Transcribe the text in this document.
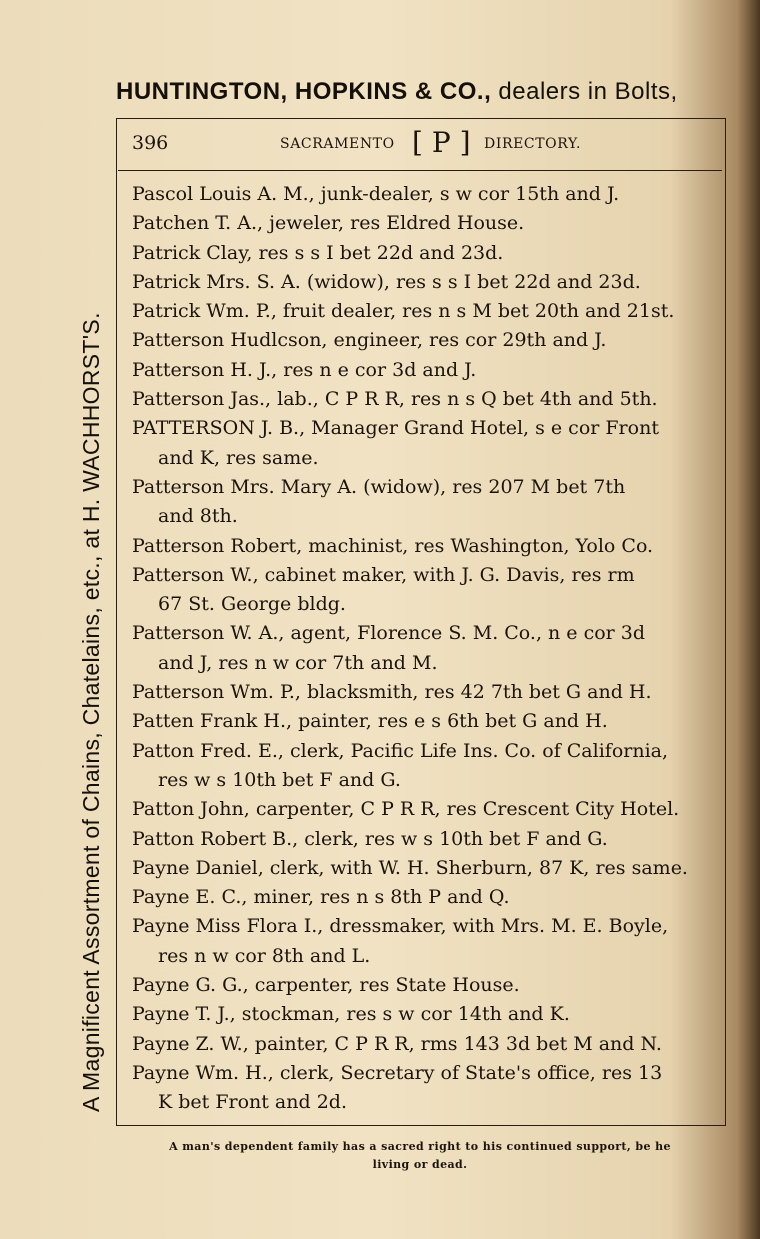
HUNTINGTON, HOPKINS & CO., dealers in Bolts,
A Magnificent Assortment of Chains, Chatelains, etc., at H. WACHHORST'S.
396	SACRAMENTO [ P ] DIRECTORY.
Pascol Louis A. M., junk-dealer, s w cor 15th and J.
Patchen T. A., jeweler, res Eldred House.
Patrick Clay, res s s I bet 22d and 23d.
Patrick Mrs. S. A. (widow), res s s I bet 22d and 23d.
Patrick Wm. P., fruit dealer, res n s M bet 20th and 21st.
Patterson Hudlcson, engineer, res cor 29th and J.
Patterson H. J., res n e cor 3d and J.
Patterson Jas., lab., C P R R, res n s Q bet 4th and 5th.
PATTERSON J. B., Manager Grand Hotel, s e cor Front
and K, res same.
Patterson Mrs. Mary A. (widow), res 207 M bet 7th
and 8th.
Patterson Robert, machinist, res Washington, Yolo Co.
Patterson W., cabinet maker, with J. G. Davis, res rm
67 St. George bldg.
Patterson W. A., agent, Florence S. M. Co., n e cor 3d
and J, res n w cor 7th and M.
Patterson Wm. P., blacksmith, res 42 7th bet G and H.
Patten Frank H., painter, res e s 6th bet G and H.
Patton Fred. E., clerk, Pacific Life Ins. Co. of California,
res w s 10th bet F and G.
Patton John, carpenter, C P R R, res Crescent City Hotel.
Patton Robert B., clerk, res w s 10th bet F and G.
Payne Daniel, clerk, with W. H. Sherburn, 87 K, res same.
Payne E. C., miner, res n s 8th P and Q.
Payne Miss Flora I., dressmaker, with Mrs. M. E. Boyle,
res n w cor 8th and L.
Payne G. G., carpenter, res State House.
Payne T. J., stockman, res s w cor 14th and K.
Payne Z. W., painter, C P R R, rms 143 3d bet M and N.
Payne Wm. H., clerk, Secretary of State's office, res 13
K bet Front and 2d.
A man's dependent family has a sacred right to his continued support, be he
living or dead.
